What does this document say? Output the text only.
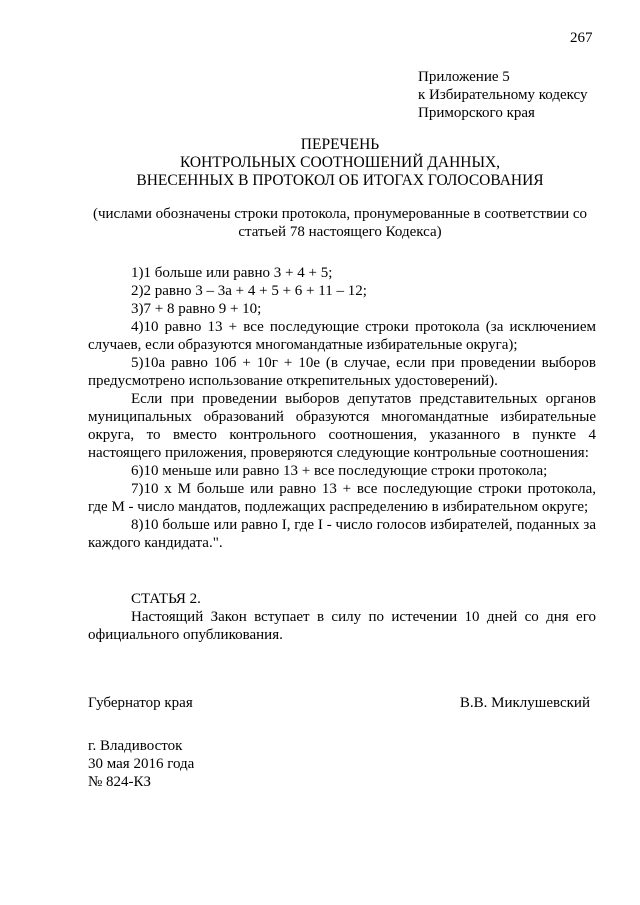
267
Приложение 5
к Избирательному кодексу
Приморского края
ПЕРЕЧЕНЬ
КОНТРОЛЬНЫХ СООТНОШЕНИЙ ДАННЫХ,
ВНЕСЕННЫХ В ПРОТОКОЛ ОБ ИТОГАХ ГОЛОСОВАНИЯ
(числами обозначены строки протокола, пронумерованные в соответствии со статьей 78 настоящего Кодекса)

1)1 больше или равно 3 + 4 + 5;

2)2 равно 3 – 3а + 4 + 5 + 6 + 11 – 12;

3)7 + 8 равно 9 + 10;

4)10 равно 13 + все последующие строки протокола (за исключением случаев, если образуются многомандатные избирательные округа);

5)10а равно 10б + 10г + 10е (в случае, если при проведении выборов предусмотрено использование открепительных удостоверений).

Если при проведении выборов депутатов представительных органов муниципальных образований образуются многомандатные избирательные округа, то вместо контрольного соотношения, указанного в пункте 4 настоящего приложения, проверяются следующие контрольные соотношения:

6)10 меньше или равно 13 + все последующие строки протокола;

7)10 х М больше или равно 13 + все последующие строки протокола, где М - число мандатов, подлежащих распределению в избирательном округе;

8)10 больше или равно I, где I - число голосов избирателей, поданных за каждого кандидата.".

СТАТЬЯ 2.

Настоящий Закон вступает в силу по истечении 10 дней со дня его официального опубликования.

Губернатор края	В.В. Миклушевский
г. Владивосток
30 мая 2016 года
№ 824-КЗ
